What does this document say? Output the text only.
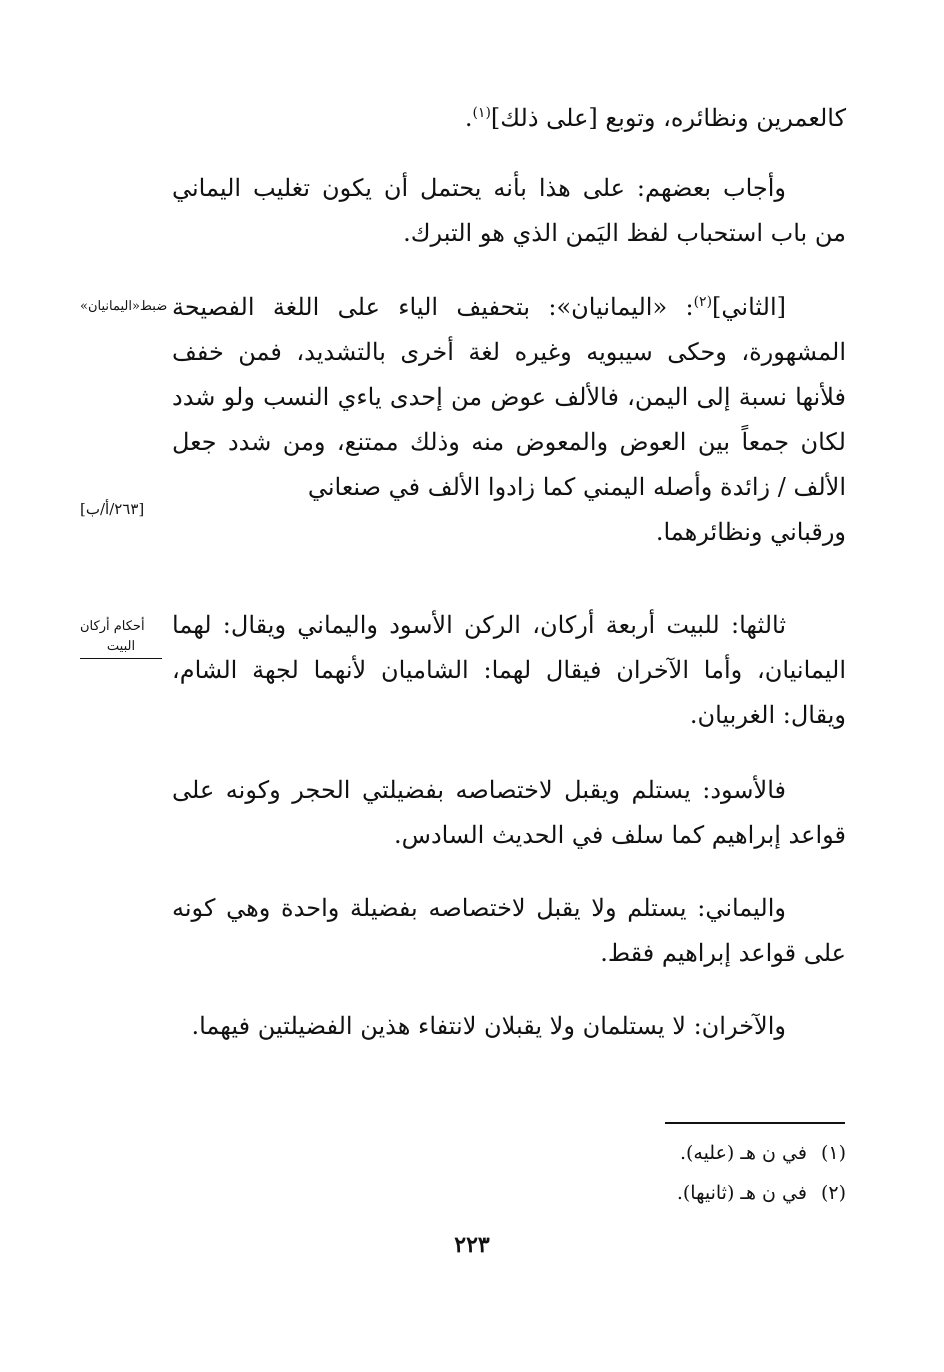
كالعمرين ونظائره، وتوبع [على ذلك]$^{(١)}$.

وأجاب بعضهم: على هذا بأنه يحتمل أن يكون تغليب اليماني من باب استحباب لفظ اليَمن الذي هو التبرك.

[الثاني]$^{(٢)}$: «اليمانيان»: بتحفيف الياء على اللغة الفصيحة المشهورة، وحكى سيبويه وغيره لغة أخرى بالتشديد، فمن خفف فلأنها نسبة إلى اليمن، فالألف عوض من إحدى ياءي النسب ولو شدد لكان جمعاً بين العوض والمعوض منه وذلك ممتنع، ومن شدد جعل الألف / زائدة وأصله اليمني كما زادوا الألف في صنعاني
ورقباني ونظائرهما.

ثالثها: للبيت أربعة أركان، الركن الأسود واليماني ويقال: لهما اليمانيان، وأما الآخران فيقال لهما: الشاميان لأنهما لجهة الشام، ويقال: الغربيان.

فالأسود: يستلم ويقبل لاختصاصه بفضيلتي الحجر وكونه على قواعد إبراهيم كما سلف في الحديث السادس.

واليماني: يستلم ولا يقبل لاختصاصه بفضيلة واحدة وهي كونه على قواعد إبراهيم فقط.

والآخران: لا يستلمان ولا يقبلان لانتفاء هذين الفضيلتين فيهما.

ضبط«اليمانيان»
[٢٦٣/أ/ب]
أحكام أركان
البيت
(١)في ن هـ (عليه).
(٢)في ن هـ (ثانيها).
٢٢٣
